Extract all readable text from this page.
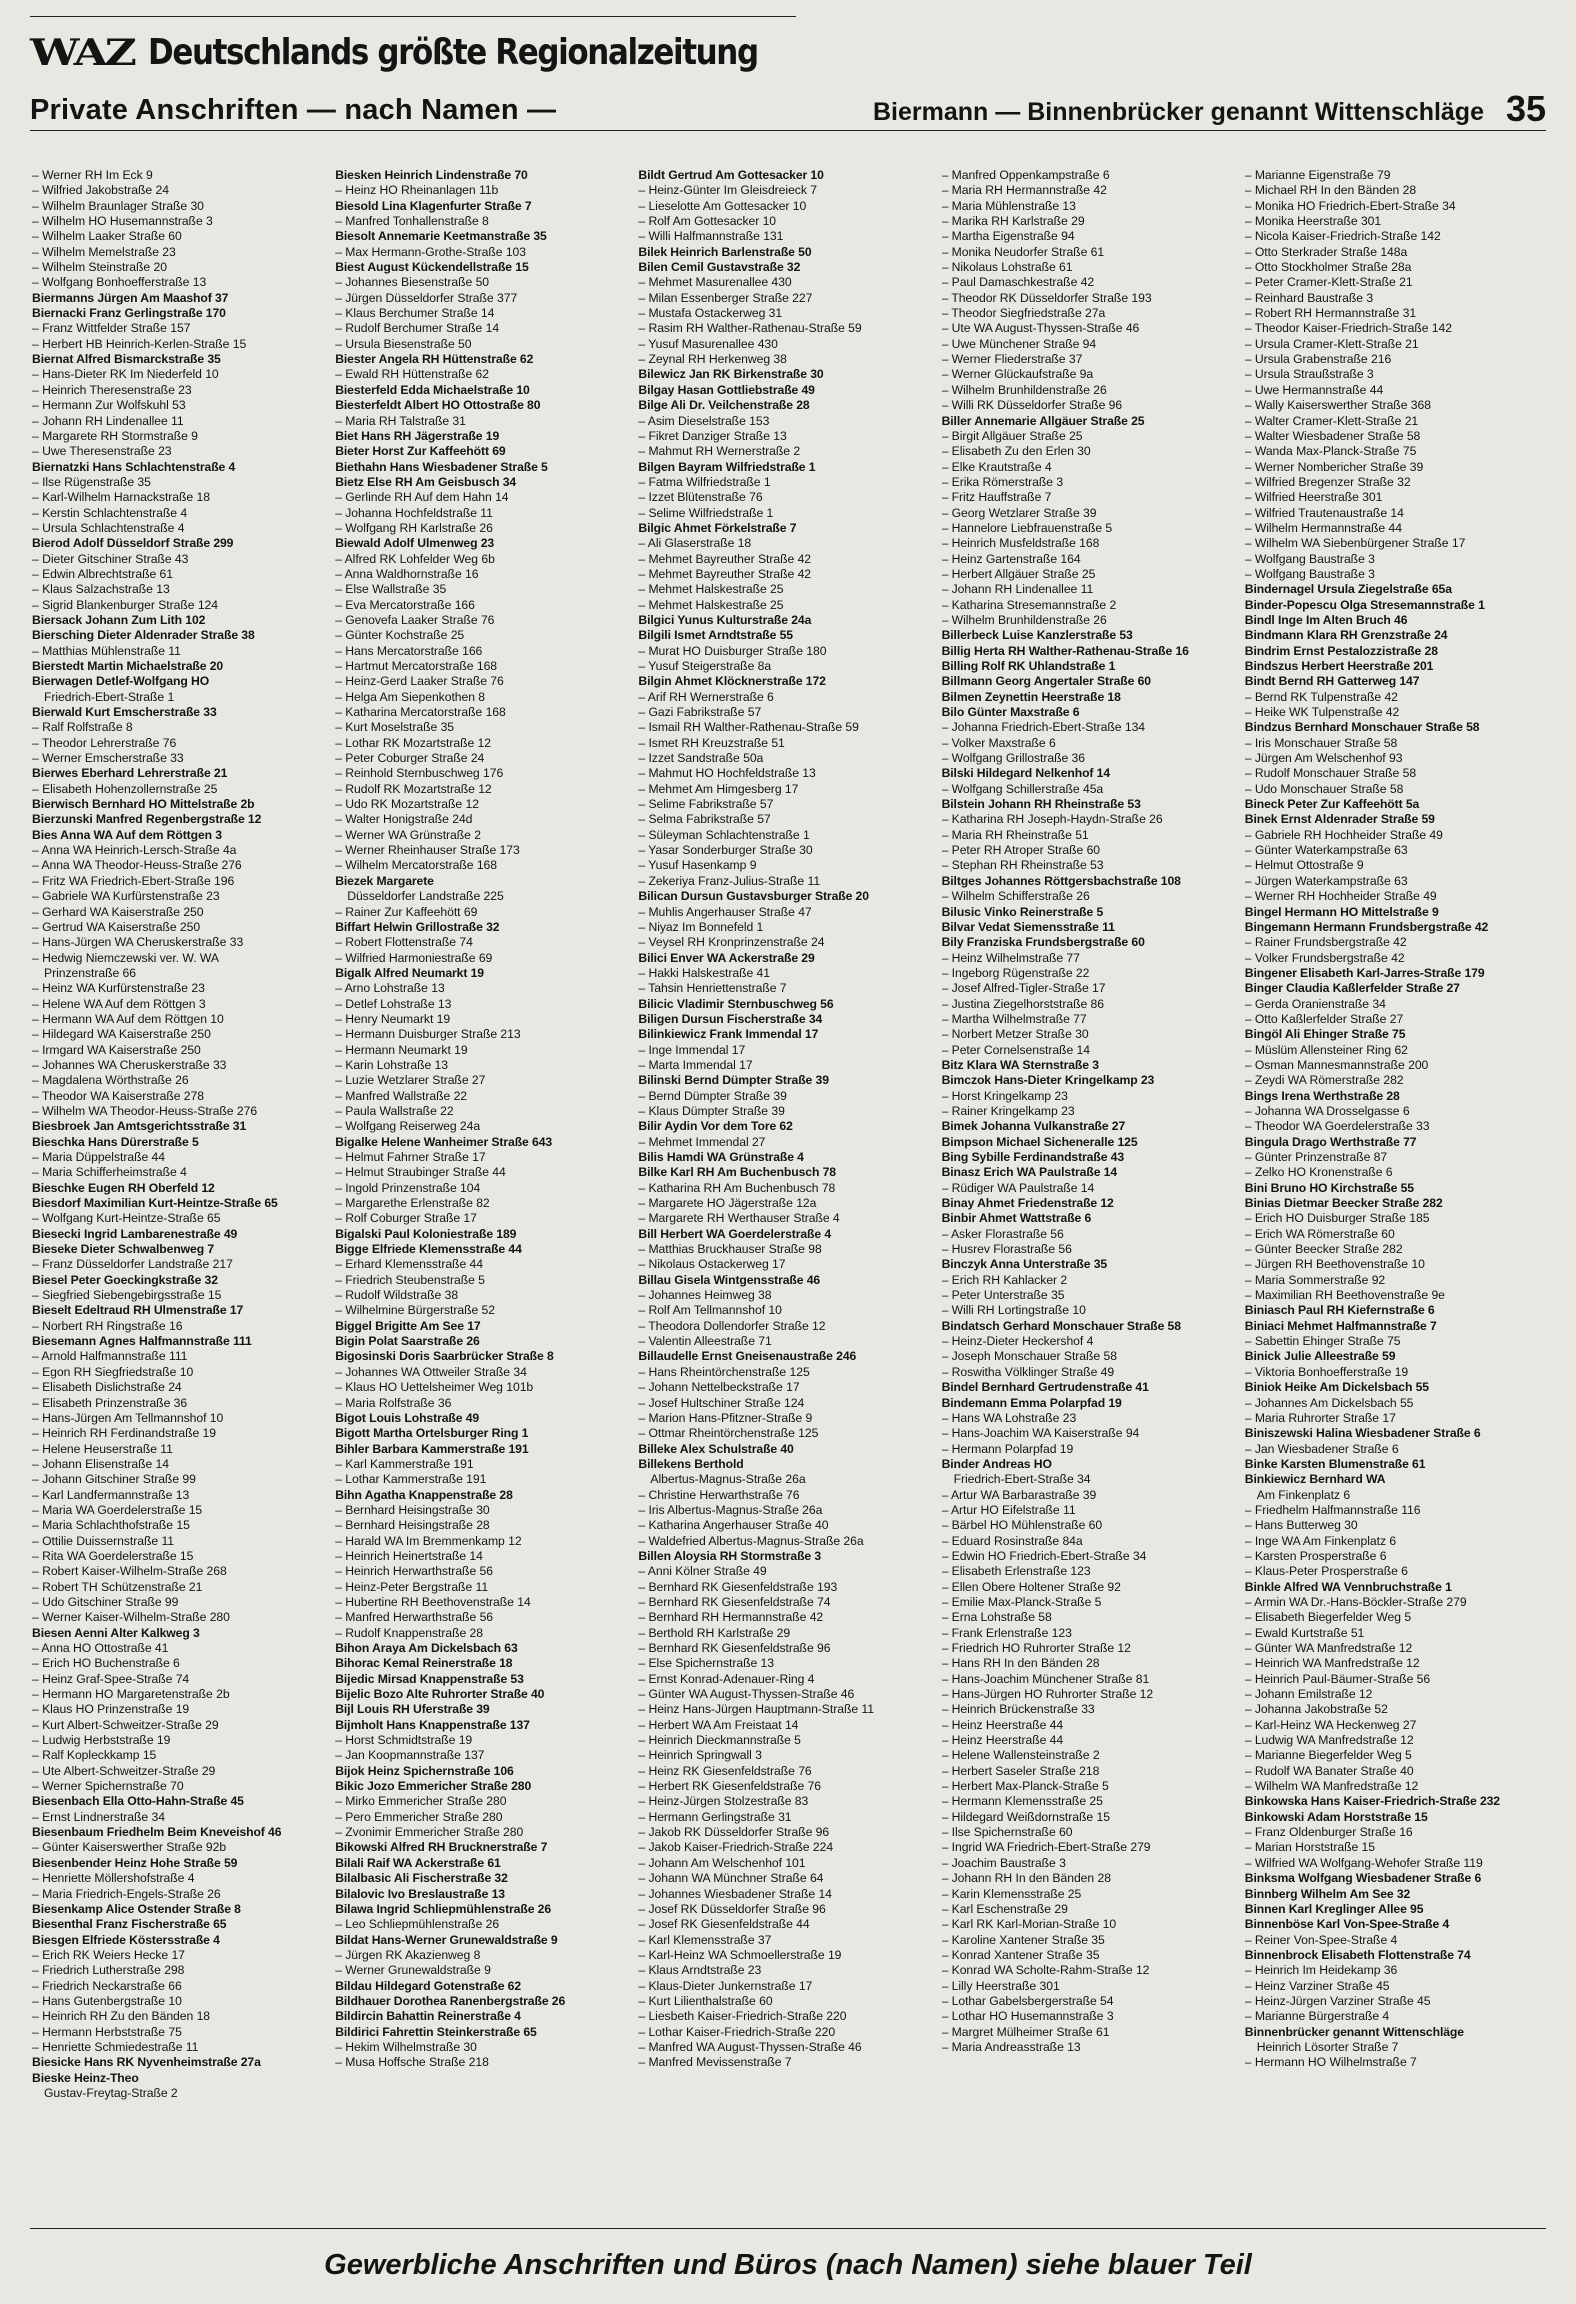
WAZ Deutschlands größte Regionalzeitung
Private Anschriften — nach Namen —	Biermann — Binnenbrücker genannt Wittenschläge 35
– Werner RH Im Eck 9
– Wilfried Jakobstraße 24
– Wilhelm Braunlager Straße 30
– Wilhelm HO Husemannstraße 3
– Wilhelm Laaker Straße 60
– Wilhelm Memelstraße 23
– Wilhelm Steinstraße 20
– Wolfgang Bonhoefferstraße 13
Biermanns Jürgen Am Maashof 37
Biernacki Franz Gerlingstraße 170
– Franz Wittfelder Straße 157
– Herbert HB Heinrich-Kerlen-Straße 15
Biernat Alfred Bismarckstraße 35
– Hans-Dieter RK Im Niederfeld 10
– Heinrich Theresenstraße 23
– Hermann Zur Wolfskuhl 53
– Johann RH Lindenallee 11
– Margarete RH Stormstraße 9
– Uwe Theresenstraße 23
Biernatzki Hans Schlachtenstraße 4
– Ilse Rügenstraße 35
– Karl-Wilhelm Harnackstraße 18
– Kerstin Schlachtenstraße 4
– Ursula Schlachtenstraße 4
Bierod Adolf Düsseldorf Straße 299
– Dieter Gitschiner Straße 43
– Edwin Albrechtstraße 61
– Klaus Salzachstraße 13
– Sigrid Blankenburger Straße 124
Biersack Johann Zum Lith 102
Biersching Dieter Aldenrader Straße 38
– Matthias Mühlenstraße 11
Bierstedt Martin Michaelstraße 20
Bierwagen Detlef-Wolfgang HO
Friedrich-Ebert-Straße 1
Bierwald Kurt Emscherstraße 33
– Ralf Rolfstraße 8
– Theodor Lehrerstraße 76
– Werner Emscherstraße 33
Bierwes Eberhard Lehrerstraße 21
– Elisabeth Hohenzollernstraße 25
Bierwisch Bernhard HO Mittelstraße 2b
Bierzunski Manfred Regenbergstraße 12
Bies Anna WA Auf dem Röttgen 3
– Anna WA Heinrich-Lersch-Straße 4a
– Anna WA Theodor-Heuss-Straße 276
– Fritz WA Friedrich-Ebert-Straße 196
– Gabriele WA Kurfürstenstraße 23
– Gerhard WA Kaiserstraße 250
– Gertrud WA Kaiserstraße 250
– Hans-Jürgen WA Cheruskerstraße 33
– Hedwig Niemczewski ver. W. WA
Prinzenstraße 66
– Heinz WA Kurfürstenstraße 23
– Helene WA Auf dem Röttgen 3
– Hermann WA Auf dem Röttgen 10
– Hildegard WA Kaiserstraße 250
– Irmgard WA Kaiserstraße 250
– Johannes WA Cheruskerstraße 33
– Magdalena Wörthstraße 26
– Theodor WA Kaiserstraße 278
– Wilhelm WA Theodor-Heuss-Straße 276
Biesbroek Jan Amtsgerichtsstraße 31
Bieschka Hans Dürerstraße 5
– Maria Düppelstraße 44
– Maria Schifferheimstraße 4
Bieschke Eugen RH Oberfeld 12
Biesdorf Maximilian Kurt-Heintze-Straße 65
– Wolfgang Kurt-Heintze-Straße 65
Biesecki Ingrid Lambarenestraße 49
Bieseke Dieter Schwalbenweg 7
– Franz Düsseldorfer Landstraße 217
Biesel Peter Goeckingkstraße 32
– Siegfried Siebengebirgsstraße 15
Bieselt Edeltraud RH Ulmenstraße 17
– Norbert RH Ringstraße 16
Biesemann Agnes Halfmannstraße 111
– Arnold Halfmannstraße 111
– Egon RH Siegfriedstraße 10
– Elisabeth Dislichstraße 24
– Elisabeth Prinzenstraße 36
– Hans-Jürgen Am Tellmannshof 10
– Heinrich RH Ferdinandstraße 19
– Helene Heuserstraße 11
– Johann Elisenstraße 14
– Johann Gitschiner Straße 99
– Karl Landfermannstraße 13
– Maria WA Goerdelerstraße 15
– Maria Schlachthofstraße 15
– Ottilie Duissernstraße 11
– Rita WA Goerdelerstraße 15
– Robert Kaiser-Wilhelm-Straße 268
– Robert TH Schützenstraße 21
– Udo Gitschiner Straße 99
– Werner Kaiser-Wilhelm-Straße 280
Biesen Aenni Alter Kalkweg 3
– Anna HO Ottostraße 41
– Erich HO Buchenstraße 6
– Heinz Graf-Spee-Straße 74
– Hermann HO Margaretenstraße 2b
– Klaus HO Prinzenstraße 19
– Kurt Albert-Schweitzer-Straße 29
– Ludwig Herbststraße 19
– Ralf Kopleckkamp 15
– Ute Albert-Schweitzer-Straße 29
– Werner Spichernstraße 70
Biesenbach Ella Otto-Hahn-Straße 45
– Ernst Lindnerstraße 34
Biesenbaum Friedhelm Beim Kneveishof 46
– Günter Kaiserswerther Straße 92b
Biesenbender Heinz Hohe Straße 59
– Henriette Möllershofstraße 4
– Maria Friedrich-Engels-Straße 26
Biesenkamp Alice Ostender Straße 8
Biesenthal Franz Fischerstraße 65
Biesgen Elfriede Köstersstraße 4
– Erich RK Weiers Hecke 17
– Friedrich Lutherstraße 298
– Friedrich Neckarstraße 66
– Hans Gutenbergstraße 10
– Heinrich RH Zu den Bänden 18
– Hermann Herbststraße 75
– Henriette Schmiedestraße 11
Biesicke Hans RK Nyvenheimstraße 27a
Bieske Heinz-Theo
Gustav-Freytag-Straße 2
Biesken Heinrich Lindenstraße 70
– Heinz HO Rheinanlagen 11b
Biesold Lina Klagenfurter Straße 7
– Manfred Tonhallenstraße 8
Biesolt Annemarie Keetmanstraße 35
– Max Hermann-Grothe-Straße 103
Biest August Kückendellstraße 15
– Johannes Biesenstraße 50
– Jürgen Düsseldorfer Straße 377
– Klaus Berchumer Straße 14
– Rudolf Berchumer Straße 14
– Ursula Biesenstraße 50
Biester Angela RH Hüttenstraße 62
– Ewald RH Hüttenstraße 62
Biesterfeld Edda Michaelstraße 10
Biesterfeldt Albert HO Ottostraße 80
– Maria RH Talstraße 31
Biet Hans RH Jägerstraße 19
Bieter Horst Zur Kaffeehött 69
Biethahn Hans Wiesbadener Straße 5
Bietz Else RH Am Geisbusch 34
– Gerlinde RH Auf dem Hahn 14
– Johanna Hochfeldstraße 11
– Wolfgang RH Karlstraße 26
Biewald Adolf Ulmenweg 23
– Alfred RK Lohfelder Weg 6b
– Anna Waldhornstraße 16
– Else Wallstraße 35
– Eva Mercatorstraße 166
– Genovefa Laaker Straße 76
– Günter Kochstraße 25
– Hans Mercatorstraße 166
– Hartmut Mercatorstraße 168
– Heinz-Gerd Laaker Straße 76
– Helga Am Siepenkothen 8
– Katharina Mercatorstraße 168
– Kurt Moselstraße 35
– Lothar RK Mozartstraße 12
– Peter Coburger Straße 24
– Reinhold Sternbuschweg 176
– Rudolf RK Mozartstraße 12
– Udo RK Mozartstraße 12
– Walter Honigstraße 24d
– Werner WA Grünstraße 2
– Werner Rheinhauser Straße 173
– Wilhelm Mercatorstraße 168
Biezek Margarete
Düsseldorfer Landstraße 225
– Rainer Zur Kaffeehött 69
Biffart Helwin Grillostraße 32
– Robert Flottenstraße 74
– Wilfried Harmoniestraße 69
Bigalk Alfred Neumarkt 19
– Arno Lohstraße 13
– Detlef Lohstraße 13
– Henry Neumarkt 19
– Hermann Duisburger Straße 213
– Hermann Neumarkt 19
– Karin Lohstraße 13
– Luzie Wetzlarer Straße 27
– Manfred Wallstraße 22
– Paula Wallstraße 22
– Wolfgang Reiserweg 24a
Bigalke Helene Wanheimer Straße 643
– Helmut Fahrner Straße 17
– Helmut Straubinger Straße 44
– Ingold Prinzenstraße 104
– Margarethe Erlenstraße 82
– Rolf Coburger Straße 17
Bigalski Paul Koloniestraße 189
Bigge Elfriede Klemensstraße 44
– Erhard Klemensstraße 44
– Friedrich Steubenstraße 5
– Rudolf Wildstraße 38
– Wilhelmine Bürgerstraße 52
Biggel Brigitte Am See 17
Bigin Polat Saarstraße 26
Bigosinski Doris Saarbrücker Straße 8
– Johannes WA Ottweiler Straße 34
– Klaus HO Uettelsheimer Weg 101b
– Maria Rolfstraße 36
Bigot Louis Lohstraße 49
Bigott Martha Ortelsburger Ring 1
Bihler Barbara Kammerstraße 191
– Karl Kammerstraße 191
– Lothar Kammerstraße 191
Bihn Agatha Knappenstraße 28
– Bernhard Heisingstraße 30
– Bernhard Heisingstraße 28
– Harald WA Im Bremmenkamp 12
– Heinrich Heinertstraße 14
– Heinrich Herwarthstraße 56
– Heinz-Peter Bergstraße 11
– Hubertine RH Beethovenstraße 14
– Manfred Herwarthstraße 56
– Rudolf Knappenstraße 28
Bihon Araya Am Dickelsbach 63
Bihorac Kemal Reinerstraße 18
Bijedic Mirsad Knappenstraße 53
Bijelic Bozo Alte Ruhrorter Straße 40
Bijl Louis RH Uferstraße 39
Bijmholt Hans Knappenstraße 137
– Horst Schmidtstraße 19
– Jan Koopmannstraße 137
Bijok Heinz Spichernstraße 106
Bikic Jozo Emmericher Straße 280
– Mirko Emmericher Straße 280
– Pero Emmericher Straße 280
– Zvonimir Emmericher Straße 280
Bikowski Alfred RH Brucknerstraße 7
Bilali Raif WA Ackerstraße 61
Bilalbasic Ali Fischerstraße 32
Bilalovic Ivo Breslaustraße 13
Bilawa Ingrid Schliepmühlenstraße 26
– Leo Schliepmühlenstraße 26
Bildat Hans-Werner Grunewaldstraße 9
– Jürgen RK Akazienweg 8
– Werner Grunewaldstraße 9
Bildau Hildegard Gotenstraße 62
Bildhauer Dorothea Ranenbergstraße 26
Bildircin Bahattin Reinerstraße 4
Bildirici Fahrettin Steinkerstraße 65
– Hekim Wilhelmstraße 30
– Musa Hoffsche Straße 218
Bildt Gertrud Am Gottesacker 10
– Heinz-Günter Im Gleisdreieck 7
– Lieselotte Am Gottesacker 10
– Rolf Am Gottesacker 10
– Willi Halfmannstraße 131
Bilek Heinrich Barlenstraße 50
Bilen Cemil Gustavstraße 32
– Mehmet Masurenallee 430
– Milan Essenberger Straße 227
– Mustafa Ostackerweg 31
– Rasim RH Walther-Rathenau-Straße 59
– Yusuf Masurenallee 430
– Zeynal RH Herkenweg 38
Bilewicz Jan RK Birkenstraße 30
Bilgay Hasan Gottliebstraße 49
Bilge Ali Dr. Veilchenstraße 28
– Asim Dieselstraße 153
– Fikret Danziger Straße 13
– Mahmut RH Wernerstraße 2
Bilgen Bayram Wilfriedstraße 1
– Fatma Wilfriedstraße 1
– Izzet Blütenstraße 76
– Selime Wilfriedstraße 1
Bilgic Ahmet Förkelstraße 7
– Ali Glaserstraße 18
– Mehmet Bayreuther Straße 42
– Mehmet Bayreuther Straße 42
– Mehmet Halskestraße 25
– Mehmet Halskestraße 25
Bilgici Yunus Kulturstraße 24a
Bilgili Ismet Arndtstraße 55
– Murat HO Duisburger Straße 180
– Yusuf Steigerstraße 8a
Bilgin Ahmet Klöcknerstraße 172
– Arif RH Wernerstraße 6
– Gazi Fabrikstraße 57
– Ismail RH Walther-Rathenau-Straße 59
– Ismet RH Kreuzstraße 51
– Izzet Sandstraße 50a
– Mahmut HO Hochfeldstraße 13
– Mehmet Am Himgesberg 17
– Selime Fabrikstraße 57
– Selma Fabrikstraße 57
– Süleyman Schlachtenstraße 1
– Yasar Sonderburger Straße 30
– Yusuf Hasenkamp 9
– Zekeriya Franz-Julius-Straße 11
Bilican Dursun Gustavsburger Straße 20
– Muhlis Angerhauser Straße 47
– Niyaz Im Bonnefeld 1
– Veysel RH Kronprinzenstraße 24
Bilici Enver WA Ackerstraße 29
– Hakki Halskestraße 41
– Tahsin Henriettenstraße 7
Bilicic Vladimir Sternbuschweg 56
Biligen Dursun Fischerstraße 34
Bilinkiewicz Frank Immendal 17
– Inge Immendal 17
– Marta Immendal 17
Bilinski Bernd Dümpter Straße 39
– Bernd Dümpter Straße 39
– Klaus Dümpter Straße 39
Bilir Aydin Vor dem Tore 62
– Mehmet Immendal 27
Bilis Hamdi WA Grünstraße 4
Bilke Karl RH Am Buchenbusch 78
– Katharina RH Am Buchenbusch 78
– Margarete HO Jägerstraße 12a
– Margarete RH Werthauser Straße 4
Bill Herbert WA Goerdelerstraße 4
– Matthias Bruckhauser Straße 98
– Nikolaus Ostackerweg 17
Billau Gisela Wintgensstraße 46
– Johannes Heimweg 38
– Rolf Am Tellmannshof 10
– Theodora Dollendorfer Straße 12
– Valentin Alleestraße 71
Billaudelle Ernst Gneisenaustraße 246
– Hans Rheintörchenstraße 125
– Johann Nettelbeckstraße 17
– Josef Hultschiner Straße 124
– Marion Hans-Pfitzner-Straße 9
– Ottmar Rheintörchenstraße 125
Billeke Alex Schulstraße 40
Billekens Berthold
Albertus-Magnus-Straße 26a
– Christine Herwarthstraße 76
– Iris Albertus-Magnus-Straße 26a
– Katharina Angerhauser Straße 40
– Waldefried Albertus-Magnus-Straße 26a
Billen Aloysia RH Stormstraße 3
– Anni Kölner Straße 49
– Bernhard RK Giesenfeldstraße 193
– Bernhard RK Giesenfeldstraße 74
– Bernhard RH Hermannstraße 42
– Berthold RH Karlstraße 29
– Bernhard RK Giesenfeldstraße 96
– Else Spichernstraße 13
– Ernst Konrad-Adenauer-Ring 4
– Günter WA August-Thyssen-Straße 46
– Heinz Hans-Jürgen Hauptmann-Straße 11
– Herbert WA Am Freistaat 14
– Heinrich Dieckmannstraße 5
– Heinrich Springwall 3
– Heinz RK Giesenfeldstraße 76
– Herbert RK Giesenfeldstraße 76
– Heinz-Jürgen Stolzestraße 83
– Hermann Gerlingstraße 31
– Jakob RK Düsseldorfer Straße 96
– Jakob Kaiser-Friedrich-Straße 224
– Johann Am Welschenhof 101
– Johann WA Münchner Straße 64
– Johannes Wiesbadener Straße 14
– Josef RK Düsseldorfer Straße 96
– Josef RK Giesenfeldstraße 44
– Karl Klemensstraße 37
– Karl-Heinz WA Schmoellerstraße 19
– Klaus Arndtstraße 23
– Klaus-Dieter Junkernstraße 17
– Kurt Lilienthalstraße 60
– Liesbeth Kaiser-Friedrich-Straße 220
– Lothar Kaiser-Friedrich-Straße 220
– Manfred WA August-Thyssen-Straße 46
– Manfred Mevissenstraße 7
– Manfred Oppenkampstraße 6
– Maria RH Hermannstraße 42
– Maria Mühlenstraße 13
– Marika RH Karlstraße 29
– Martha Eigenstraße 94
– Monika Neudorfer Straße 61
– Nikolaus Lohstraße 61
– Paul Damaschkestraße 42
– Theodor RK Düsseldorfer Straße 193
– Theodor Siegfriedstraße 27a
– Ute WA August-Thyssen-Straße 46
– Uwe Münchener Straße 94
– Werner Fliederstraße 37
– Werner Glückaufstraße 9a
– Wilhelm Brunhildenstraße 26
– Willi RK Düsseldorfer Straße 96
Biller Annemarie Allgäuer Straße 25
– Birgit Allgäuer Straße 25
– Elisabeth Zu den Erlen 30
– Elke Krautstraße 4
– Erika Römerstraße 3
– Fritz Hauffstraße 7
– Georg Wetzlarer Straße 39
– Hannelore Liebfrauenstraße 5
– Heinrich Musfeldstraße 168
– Heinz Gartenstraße 164
– Herbert Allgäuer Straße 25
– Johann RH Lindenallee 11
– Katharina Stresemannstraße 2
– Wilhelm Brunhildenstraße 26
Billerbeck Luise Kanzlerstraße 53
Billig Herta RH Walther-Rathenau-Straße 16
Billing Rolf RK Uhlandstraße 1
Billmann Georg Angertaler Straße 60
Bilmen Zeynettin Heerstraße 18
Bilo Günter Maxstraße 6
– Johanna Friedrich-Ebert-Straße 134
– Volker Maxstraße 6
– Wolfgang Grillostraße 36
Bilski Hildegard Nelkenhof 14
– Wolfgang Schillerstraße 45a
Bilstein Johann RH Rheinstraße 53
– Katharina RH Joseph-Haydn-Straße 26
– Maria RH Rheinstraße 51
– Peter RH Atroper Straße 60
– Stephan RH Rheinstraße 53
Biltges Johannes Röttgersbachstraße 108
– Wilhelm Schifferstraße 26
Bilusic Vinko Reinerstraße 5
Bilvar Vedat Siemensstraße 11
Bily Franziska Frundsbergstraße 60
– Heinz Wilhelmstraße 77
– Ingeborg Rügenstraße 22
– Josef Alfred-Tigler-Straße 17
– Justina Ziegelhorststraße 86
– Martha Wilhelmstraße 77
– Norbert Metzer Straße 30
– Peter Cornelsenstraße 14
Bitz Klara WA Sternstraße 3
Bimczok Hans-Dieter Kringelkamp 23
– Horst Kringelkamp 23
– Rainer Kringelkamp 23
Bimek Johanna Vulkanstraße 27
Bimpson Michael Sicheneralle 125
Bing Sybille Ferdinandstraße 43
Binasz Erich WA Paulstraße 14
– Rüdiger WA Paulstraße 14
Binay Ahmet Friedenstraße 12
Binbir Ahmet Wattstraße 6
– Asker Florastraße 56
– Husrev Florastraße 56
Binczyk Anna Unterstraße 35
– Erich RH Kahlacker 2
– Peter Unterstraße 35
– Willi RH Lortingstraße 10
Bindatsch Gerhard Monschauer Straße 58
– Heinz-Dieter Heckershof 4
– Joseph Monschauer Straße 58
– Roswitha Völklinger Straße 49
Bindel Bernhard Gertrudenstraße 41
Bindemann Emma Polarpfad 19
– Hans WA Lohstraße 23
– Hans-Joachim WA Kaiserstraße 94
– Hermann Polarpfad 19
Binder Andreas HO
Friedrich-Ebert-Straße 34
– Artur WA Barbarastraße 39
– Artur HO Eifelstraße 11
– Bärbel HO Mühlenstraße 60
– Eduard Rosinstraße 84a
– Edwin HO Friedrich-Ebert-Straße 34
– Elisabeth Erlenstraße 123
– Ellen Obere Holtener Straße 92
– Emilie Max-Planck-Straße 5
– Erna Lohstraße 58
– Frank Erlenstraße 123
– Friedrich HO Ruhrorter Straße 12
– Hans RH In den Bänden 28
– Hans-Joachim Münchener Straße 81
– Hans-Jürgen HO Ruhrorter Straße 12
– Heinrich Brückenstraße 33
– Heinz Heerstraße 44
– Heinz Heerstraße 44
– Helene Wallensteinstraße 2
– Herbert Saseler Straße 218
– Herbert Max-Planck-Straße 5
– Hermann Klemensstraße 25
– Hildegard Weißdornstraße 15
– Ilse Spichernstraße 60
– Ingrid WA Friedrich-Ebert-Straße 279
– Joachim Baustraße 3
– Johann RH In den Bänden 28
– Karin Klemensstraße 25
– Karl Eschenstraße 29
– Karl RK Karl-Morian-Straße 10
– Karoline Xantener Straße 35
– Konrad Xantener Straße 35
– Konrad WA Scholte-Rahm-Straße 12
– Lilly Heerstraße 301
– Lothar Gabelsbergerstraße 54
– Lothar HO Husemannstraße 3
– Margret Mülheimer Straße 61
– Maria Andreasstraße 13
– Marianne Eigenstraße 79
– Michael RH In den Bänden 28
– Monika HO Friedrich-Ebert-Straße 34
– Monika Heerstraße 301
– Nicola Kaiser-Friedrich-Straße 142
– Otto Sterkrader Straße 148a
– Otto Stockholmer Straße 28a
– Peter Cramer-Klett-Straße 21
– Reinhard Baustraße 3
– Robert RH Hermannstraße 31
– Theodor Kaiser-Friedrich-Straße 142
– Ursula Cramer-Klett-Straße 21
– Ursula Grabenstraße 216
– Ursula Straußstraße 3
– Uwe Hermannstraße 44
– Wally Kaiserswerther Straße 368
– Walter Cramer-Klett-Straße 21
– Walter Wiesbadener Straße 58
– Wanda Max-Planck-Straße 75
– Werner Nombericher Straße 39
– Wilfried Bregenzer Straße 32
– Wilfried Heerstraße 301
– Wilfried Trautenaustraße 14
– Wilhelm Hermannstraße 44
– Wilhelm WA Siebenbürgener Straße 17
– Wolfgang Baustraße 3
– Wolfgang Baustraße 3
Bindernagel Ursula Ziegelstraße 65a
Binder-Popescu Olga Stresemannstraße 1
Bindl Inge Im Alten Bruch 46
Bindmann Klara RH Grenzstraße 24
Bindrim Ernst Pestalozzistraße 28
Bindszus Herbert Heerstraße 201
Bindt Bernd RH Gatterweg 147
– Bernd RK Tulpenstraße 42
– Heike WK Tulpenstraße 42
Bindzus Bernhard Monschauer Straße 58
– Iris Monschauer Straße 58
– Jürgen Am Welschenhof 93
– Rudolf Monschauer Straße 58
– Udo Monschauer Straße 58
Bineck Peter Zur Kaffeehött 5a
Binek Ernst Aldenrader Straße 59
– Gabriele RH Hochheider Straße 49
– Günter Waterkampstraße 63
– Helmut Ottostraße 9
– Jürgen Waterkampstraße 63
– Werner RH Hochheider Straße 49
Bingel Hermann HO Mittelstraße 9
Bingemann Hermann Frundsbergstraße 42
– Rainer Frundsbergstraße 42
– Volker Frundsbergstraße 42
Bingener Elisabeth Karl-Jarres-Straße 179
Binger Claudia Kaßlerfelder Straße 27
– Gerda Oranienstraße 34
– Otto Kaßlerfelder Straße 27
Bingöl Ali Ehinger Straße 75
– Müslüm Allensteiner Ring 62
– Osman Mannesmannstraße 200
– Zeydi WA Römerstraße 282
Bings Irena Werthstraße 28
– Johanna WA Drosselgasse 6
– Theodor WA Goerdelerstraße 33
Bingula Drago Werthstraße 77
– Günter Prinzenstraße 87
– Zelko HO Kronenstraße 6
Bini Bruno HO Kirchstraße 55
Binias Dietmar Beecker Straße 282
– Erich HO Duisburger Straße 185
– Erich WA Römerstraße 60
– Günter Beecker Straße 282
– Jürgen RH Beethovenstraße 10
– Maria Sommerstraße 92
– Maximilian RH Beethovenstraße 9e
Biniasch Paul RH Kiefernstraße 6
Biniaci Mehmet Halfmannstraße 7
– Sabettin Ehinger Straße 75
Binick Julie Alleestraße 59
– Viktoria Bonhoefferstraße 19
Biniok Heike Am Dickelsbach 55
– Johannes Am Dickelsbach 55
– Maria Ruhrorter Straße 17
Biniszewski Halina Wiesbadener Straße 6
– Jan Wiesbadener Straße 6
Binke Karsten Blumenstraße 61
Binkiewicz Bernhard WA
Am Finkenplatz 6
– Friedhelm Halfmannstraße 116
– Hans Butterweg 30
– Inge WA Am Finkenplatz 6
– Karsten Prosperstraße 6
– Klaus-Peter Prosperstraße 6
Binkle Alfred WA Vennbruchstraße 1
– Armin WA Dr.-Hans-Böckler-Straße 279
– Elisabeth Biegerfelder Weg 5
– Ewald Kurtstraße 51
– Günter WA Manfredstraße 12
– Heinrich WA Manfredstraße 12
– Heinrich Paul-Bäumer-Straße 56
– Johann Emilstraße 12
– Johanna Jakobstraße 52
– Karl-Heinz WA Heckenweg 27
– Ludwig WA Manfredstraße 12
– Marianne Biegerfelder Weg 5
– Rudolf WA Banater Straße 40
– Wilhelm WA Manfredstraße 12
Binkowska Hans Kaiser-Friedrich-Straße 232
Binkowski Adam Horststraße 15
– Franz Oldenburger Straße 16
– Marian Horststraße 15
– Wilfried WA Wolfgang-Wehofer Straße 119
Binksma Wolfgang Wiesbadener Straße 6
Binnberg Wilhelm Am See 32
Binnen Karl Kreglinger Allee 95
Binnenböse Karl Von-Spee-Straße 4
– Reiner Von-Spee-Straße 4
Binnenbrock Elisabeth Flottenstraße 74
– Heinrich Im Heidekamp 36
– Heinz Varziner Straße 45
– Heinz-Jürgen Varziner Straße 45
– Marianne Bürgerstraße 4
Binnenbrücker genannt Wittenschläge
Heinrich Lösorter Straße 7
– Hermann HO Wilhelmstraße 7
Gewerbliche Anschriften und Büros (nach Namen) siehe blauer Teil
